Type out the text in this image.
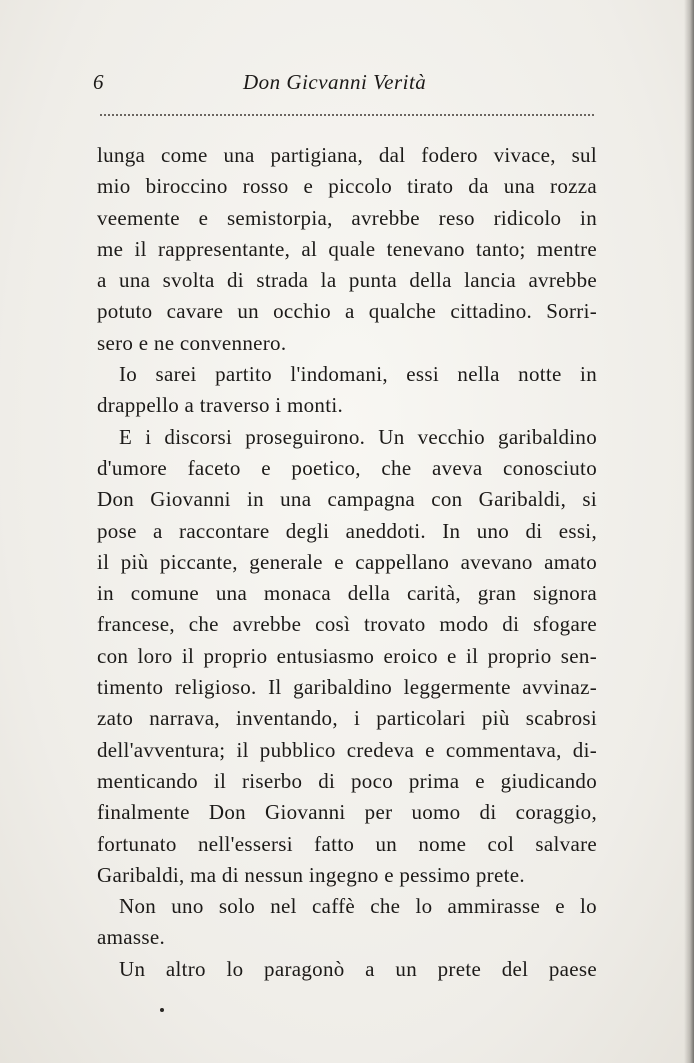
6	Don Gicvanni Verità
lunga come una partigiana, dal fodero vivace, sul
mio biroccino rosso e piccolo tirato da una rozza
veemente e semistorpia, avrebbe reso ridicolo in
me il rappresentante, al quale tenevano tanto; mentre
a una svolta di strada la punta della lancia avrebbe
potuto cavare un occhio a qualche cittadino. Sorri-
sero e ne convennero.
Io sarei partito l'indomani, essi nella notte in
drappello a traverso i monti.
E i discorsi proseguirono. Un vecchio garibaldino
d'umore faceto e poetico, che aveva conosciuto
Don Giovanni in una campagna con Garibaldi, si
pose a raccontare degli aneddoti. In uno di essi,
il più piccante, generale e cappellano avevano amato
in comune una monaca della carità, gran signora
francese, che avrebbe così trovato modo di sfogare
con loro il proprio entusiasmo eroico e il proprio sen-
timento religioso. Il garibaldino leggermente avvinaz-
zato narrava, inventando, i particolari più scabrosi
dell'avventura; il pubblico credeva e commentava, di-
menticando il riserbo di poco prima e giudicando
finalmente Don Giovanni per uomo di coraggio,
fortunato nell'essersi fatto un nome col salvare
Garibaldi, ma di nessun ingegno e pessimo prete.
Non uno solo nel caffè che lo ammirasse e lo
amasse.
Un altro lo paragonò a un prete del paese
